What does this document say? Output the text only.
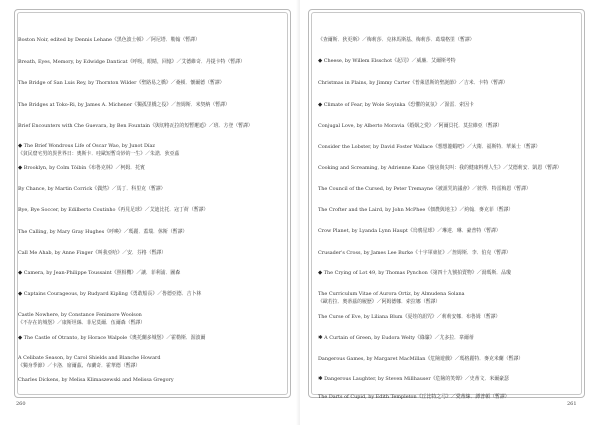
Boston Noir, edited by Dennis Lehane《黑色波士頓》／阿尼塔．勒翰（暫譯）
Breath, Eyes, Memory, by Edwidge Danticat《呼吸，眼睛，回憶》／艾德維奇．丹提卡特（暫譯）
The Bridge of San Luis Rey, by Thornton Wilder《聖路易之橋》／桑頓．懷爾德（暫譯）
The Bridges at Toko-Ri, by James A. Michener《獨孤里橋之役》／詹姆斯．米契納（暫譯）
Brief Encounters with Che Guevara, by Ben Fountain《與切格瓦拉的短暫邂逅》／班．方登（暫譯）
◆ The Brief Wondrous Life of Oscar Wao, by Junot Díaz

《貧民窟宅男的異世界日：奧斯卡．哇歐短暫奇妙的一生》／朱諾．狄亞茲
◆ Brooklyn, by Colm Tóibín《布魯克林》／柯姆．托賓

By Chance, by Martin Corrick《偶然》／馬丁．科里克（暫譯）
Bye, Bye Soccer, by Edilberto Coutinho《再見足球》／艾迪比托．寇丁荷（暫譯）
The Calling, by Mary Gray Hughes《呼喚》／瑪麗．蓋瑞．休斯（暫譯）
Call Me Ahab, by Anne Finger《叫我亞哈》／安．芬格（暫譯）
◆ Camera, by Jean-Philippe Toussaint《照相機》／讓．菲利浦．圖森

◆ Captains Courageous, by Rudyard Kipling《勇敢船長》／魯德亞德．吉卜林

Castle Nowhere, by Constance Fenimore Woolson
《不存在的城堡》／康斯坦絲．菲尼莫爾．伍爾森（暫譯）
◆ The Castle of Otranto, by Horace Walpole《奧托蘭多城堡》／霍勒斯．渥波爾

A Celibate Season, by Carol Shields and Blanche Howard
《獨身季節》／卡洛．席爾茲、布蘭奇．霍華德（暫譯）
Charles Dickens, by Melisa Klimaszewski and Melissa Gregory
260
《查爾斯．狄更斯》／梅莉莎．克林馬斯基、梅莉莎．葛瑞格里（暫譯）
◆ Cheese, by Willem Elsschot《起司》／威廉．艾爾斯考特

Christmas in Plains, by Jimmy Carter《普萊恩斯的聖誕節》／吉米．卡特（暫譯）
◆ Climate of Fear, by Wole Soyinka《恐懼的氣氛》／渥雷．索因卡

Conjugal Love, by Alberto Moravia《婚姻之愛》／阿爾貝托．莫拉維亞（暫譯）
Consider the Lobster, by David Foster Wallace《想想龍蝦吧》／大衛．福斯特．華萊士（暫譯）
Cooking and Screaming, by Adrienne Kane《廚房與尖叫：我的健康料理人生》／艾德莉安．凱恩（暫譯）
The Council of the Cursed, by Peter Tremayne《被詛咒的議會》／彼得．特雷梅恩（暫譯）
The Crofter and the Laird, by John McPhee《佃農與地主》／約翰．麥克菲（暫譯）
Crow Planet, by Lyanda Lynn Haupt《烏鴉星球》／琳達．琳．豪普特（暫譯）
Crusader's Cross, by James Lee Burke《十字軍東征》／詹姆斯．李．伯克（暫譯）
◆ The Crying of Lot 49, by Thomas Pynchon《第四十九號拍賣物》／湯瑪斯．品瓊

The Curriculum Vitae of Aurora Ortiz, by Almudena Solana
《歐若拉．奧蒂茲的履歷》／阿姆德娜．索拉娜（暫譯）
The Curse of Eve, by Liliana Blum《夏娃的詛咒》／莉莉安娜．布魯姆（暫譯）
✱ A Curtain of Green, by Eudora Welty《綠簾》／尤多拉．韋爾蒂

Dangerous Games, by Margaret MacMillan《危險遊戲》／瑪格麗特．麥克米蘭（暫譯）
✱ Dangerous Laughter, by Steven Millhauser《危險的笑聲》／史蒂文．米爾豪瑟

The Darts of Cupid, by Edith Templeton《丘比特之弓》／愛蒂絲．譚普頓（暫譯）
261
